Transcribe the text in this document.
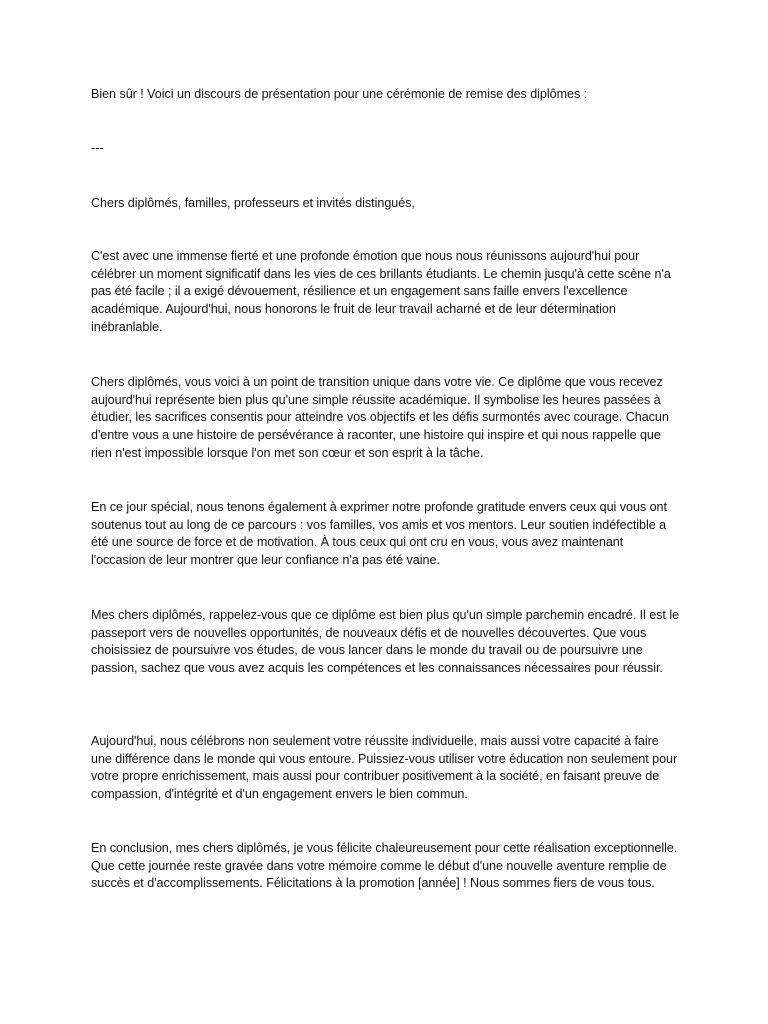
Bien sûr ! Voici un discours de présentation pour une cérémonie de remise des diplômes :

---

Chers diplômés, familles, professeurs et invités distingués,

C'est avec une immense fierté et une profonde émotion que nous nous réunissons aujourd'hui pour célébrer un moment significatif dans les vies de ces brillants étudiants. Le chemin jusqu'à cette scène n'a pas été facile ; il a exigé dévouement, résilience et un engagement sans faille envers l'excellence académique. Aujourd'hui, nous honorons le fruit de leur travail acharné et de leur détermination inébranlable.

Chers diplômés, vous voici à un point de transition unique dans votre vie. Ce diplôme que vous recevez aujourd'hui représente bien plus qu'une simple réussite académique. Il symbolise les heures passées à étudier, les sacrifices consentis pour atteindre vos objectifs et les défis surmontés avec courage. Chacun d'entre vous a une histoire de persévérance à raconter, une histoire qui inspire et qui nous rappelle que rien n'est impossible lorsque l'on met son cœur et son esprit à la tâche.

En ce jour spécial, nous tenons également à exprimer notre profonde gratitude envers ceux qui vous ont soutenus tout au long de ce parcours : vos familles, vos amis et vos mentors. Leur soutien indéfectible a été une source de force et de motivation. À tous ceux qui ont cru en vous, vous avez maintenant l'occasion de leur montrer que leur confiance n'a pas été vaine.

Mes chers diplômés, rappelez-vous que ce diplôme est bien plus qu'un simple parchemin encadré. Il est le passeport vers de nouvelles opportunités, de nouveaux défis et de nouvelles découvertes. Que vous choisissiez de poursuivre vos études, de vous lancer dans le monde du travail ou de poursuivre une passion, sachez que vous avez acquis les compétences et les connaissances nécessaires pour réussir.

Aujourd'hui, nous célébrons non seulement votre réussite individuelle, mais aussi votre capacité à faire une différence dans le monde qui vous entoure. Puissiez-vous utiliser votre éducation non seulement pour votre propre enrichissement, mais aussi pour contribuer positivement à la société, en faisant preuve de compassion, d'intégrité et d'un engagement envers le bien commun.

En conclusion, mes chers diplômés, je vous félicite chaleureusement pour cette réalisation exceptionnelle. Que cette journée reste gravée dans votre mémoire comme le début d'une nouvelle aventure remplie de succès et d'accomplissements. Félicitations à la promotion [année] ! Nous sommes fiers de vous tous.
